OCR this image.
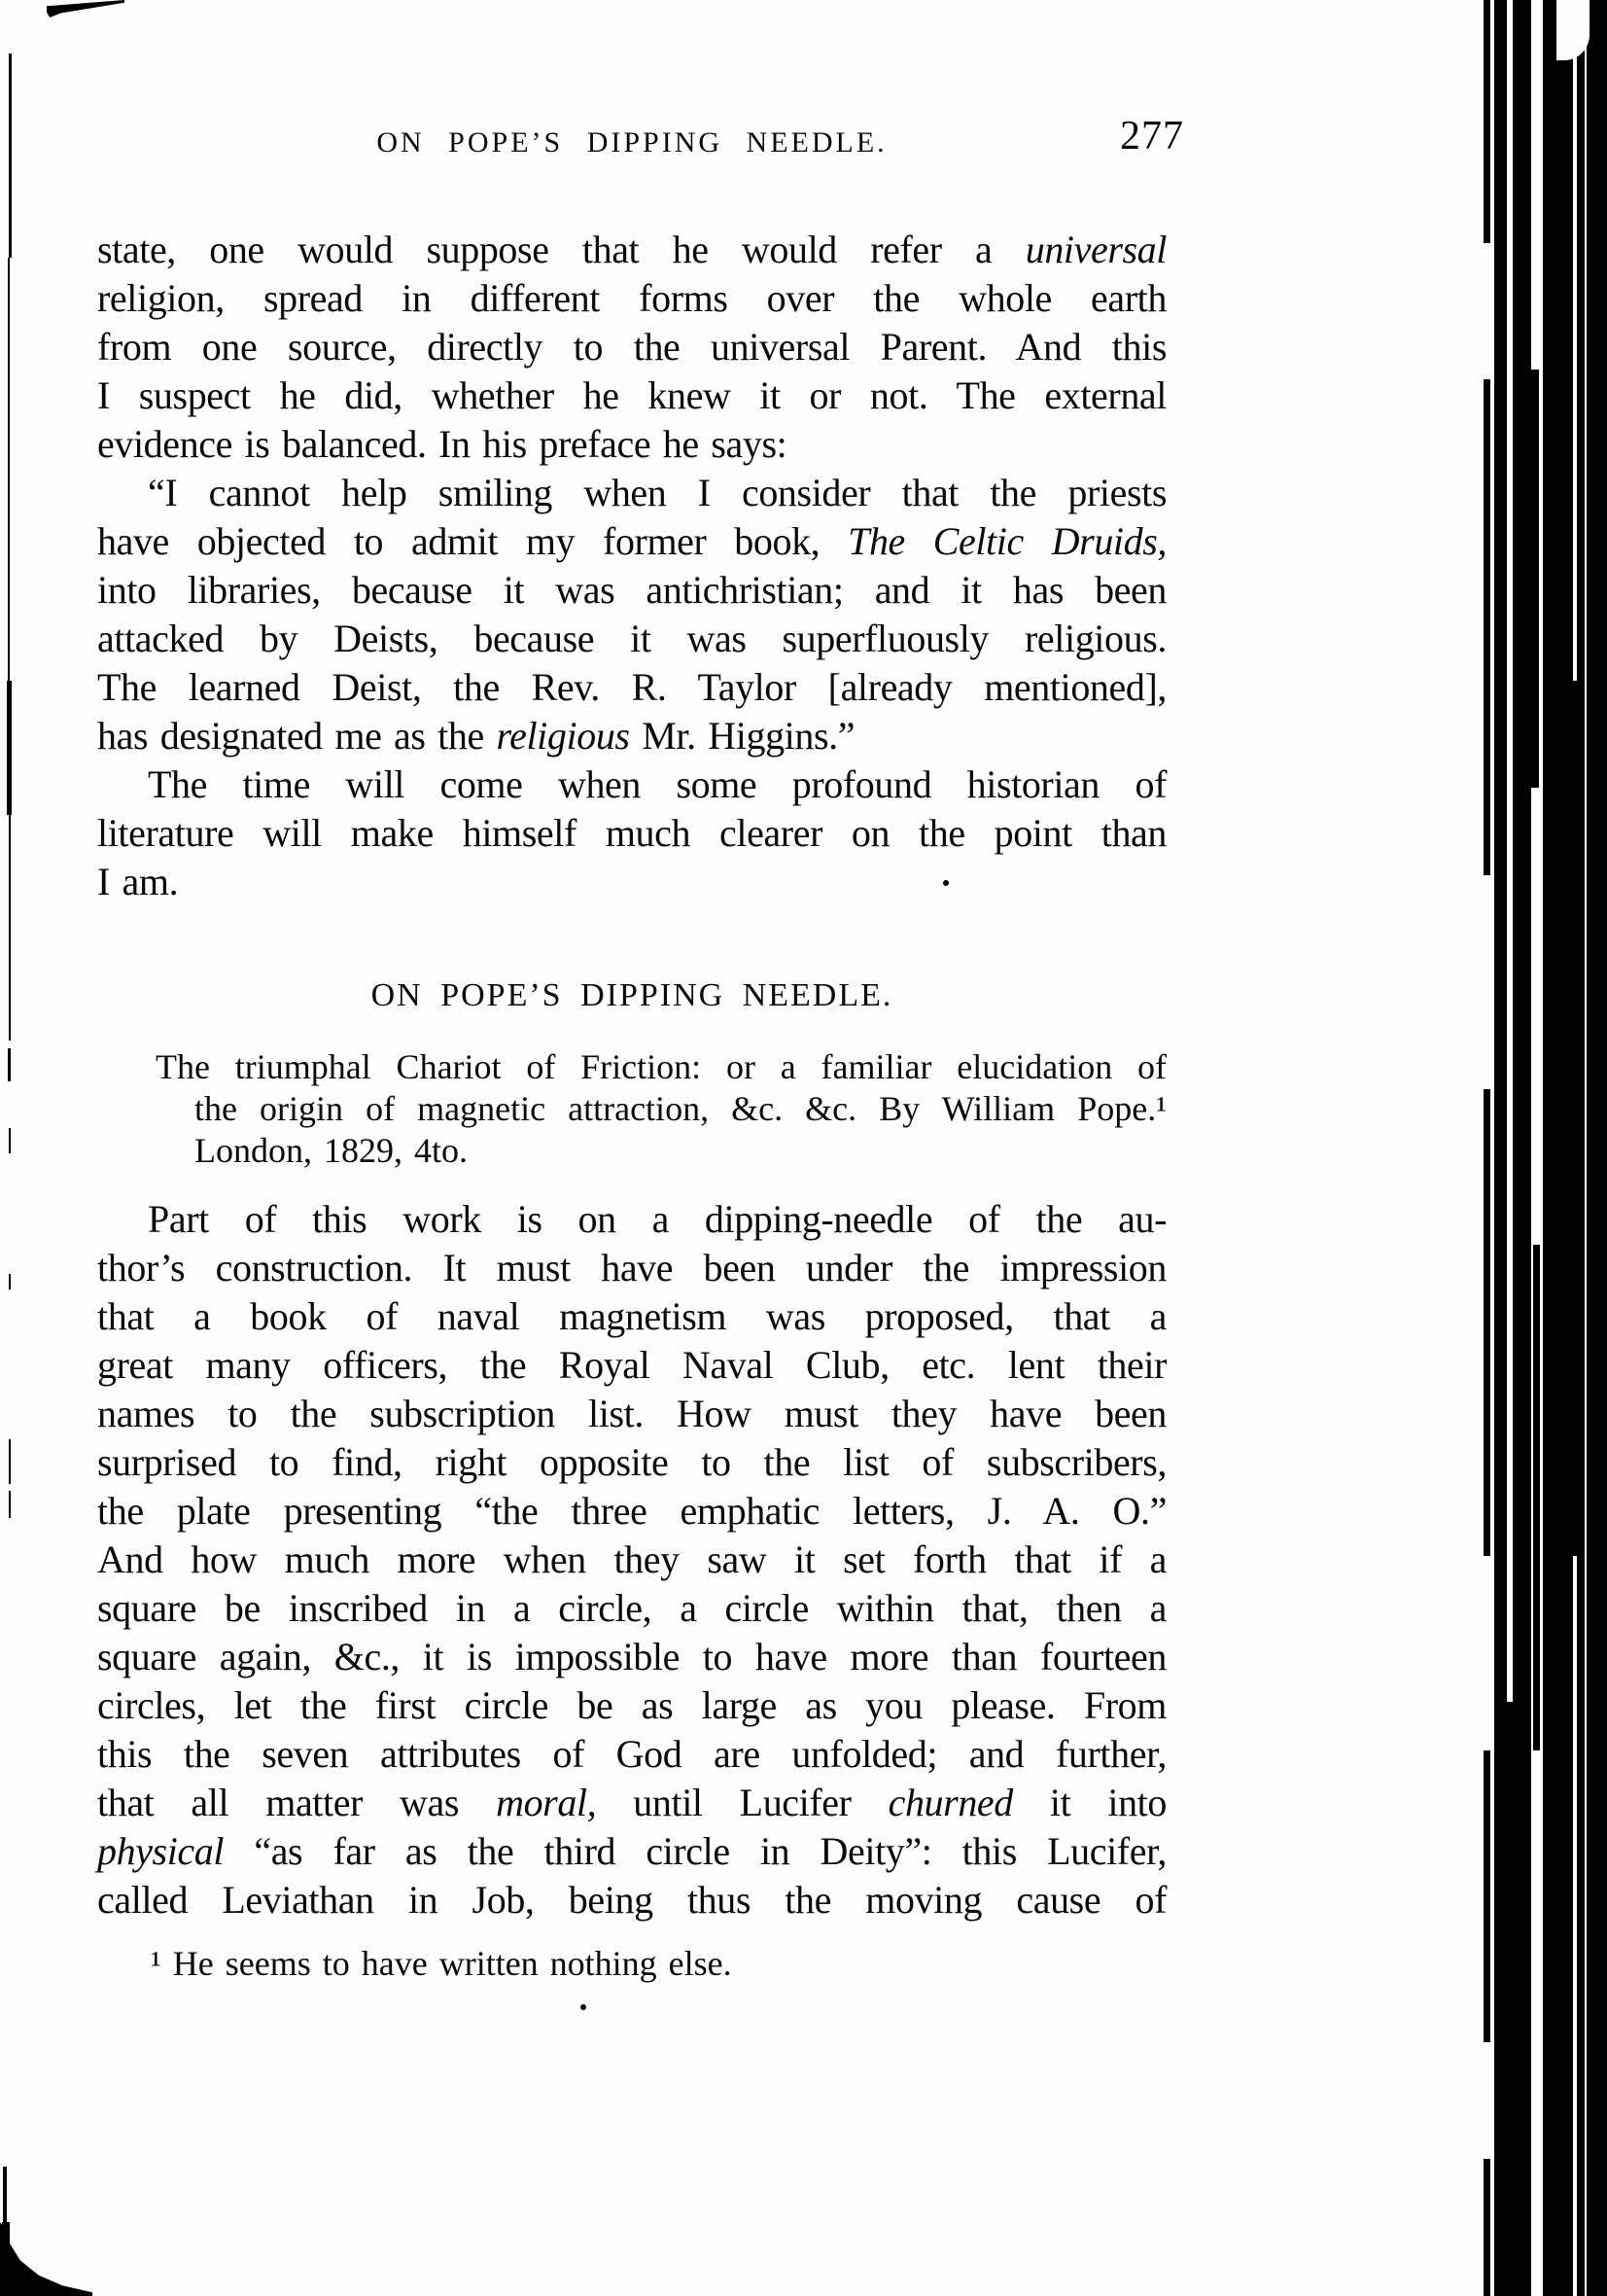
ON POPE’S DIPPING NEEDLE.	277
state, one would suppose that he would refer a universal
religion, spread in different forms over the whole earth
from one source, directly to the universal Parent. And this
I suspect he did, whether he knew it or not. The external
evidence is balanced. In his preface he says:
“I cannot help smiling when I consider that the priests
have objected to admit my former book, The Celtic Druids,
into libraries, because it was antichristian; and it has been
attacked by Deists, because it was superfluously religious.
The learned Deist, the Rev. R. Taylor [already mentioned],
has designated me as the religious Mr. Higgins.”
The time will come when some profound historian of
literature will make himself much clearer on the point than
I am.
ON POPE’S DIPPING NEEDLE.
The triumphal Chariot of Friction: or a familiar elucidation of
the origin of magnetic attraction, &c. &c. By William Pope.¹
London, 1829, 4to.
Part of this work is on a dipping-needle of the au-
thor’s construction. It must have been under the impression
that a book of naval magnetism was proposed, that a
great many officers, the Royal Naval Club, etc. lent their
names to the subscription list. How must they have been
surprised to find, right opposite to the list of subscribers,
the plate presenting “the three emphatic letters, J. A. O.”
And how much more when they saw it set forth that if a
square be inscribed in a circle, a circle within that, then a
square again, &c., it is impossible to have more than fourteen
circles, let the first circle be as large as you please. From
this the seven attributes of God are unfolded; and further,
that all matter was moral, until Lucifer churned it into
physical “as far as the third circle in Deity”: this Lucifer,
called Leviathan in Job, being thus the moving cause of
¹ He seems to have written nothing else.
